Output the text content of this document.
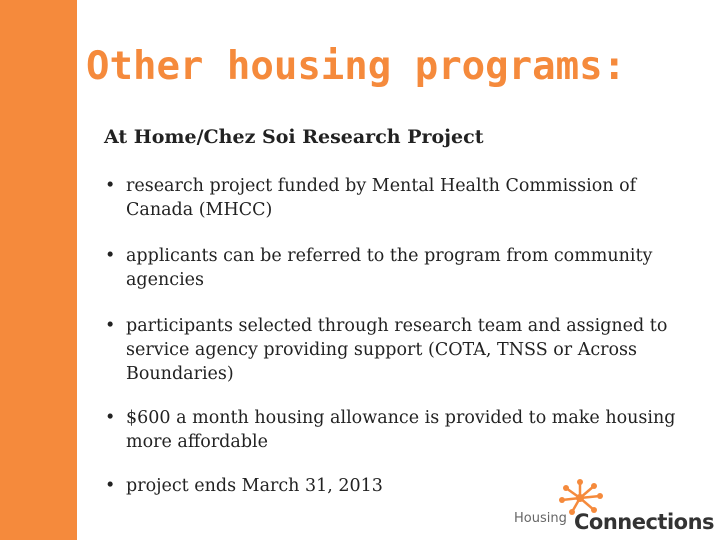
Other housing programs:
At Home/Chez Soi Research Project
• research project funded by Mental Health Commission of Canada (MHCC)
• applicants can be referred to the program from community agencies
• participants selected through research team and assigned to service agency providing support (COTA, TNSS or Across Boundaries)
• $600 a month housing allowance is provided to make housing more affordable
• project ends March 31, 2013
Housing Connections
